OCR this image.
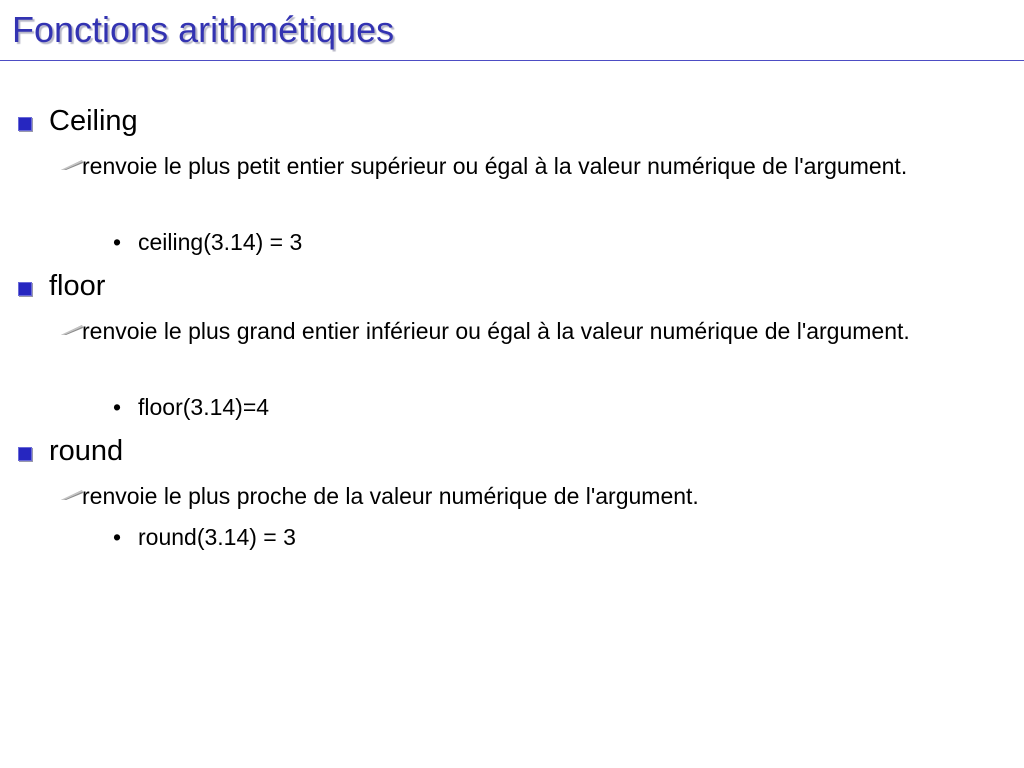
Fonctions arithmétiques
Ceiling
renvoie le plus petit entier supérieur ou égal à la valeur numérique de l'argument.
• ceiling(3.14) = 3
floor
renvoie le plus grand entier inférieur ou égal à la valeur numérique de l'argument.
• floor(3.14)=4
round
renvoie le plus proche de la valeur numérique de l'argument.
• round(3.14) = 3
